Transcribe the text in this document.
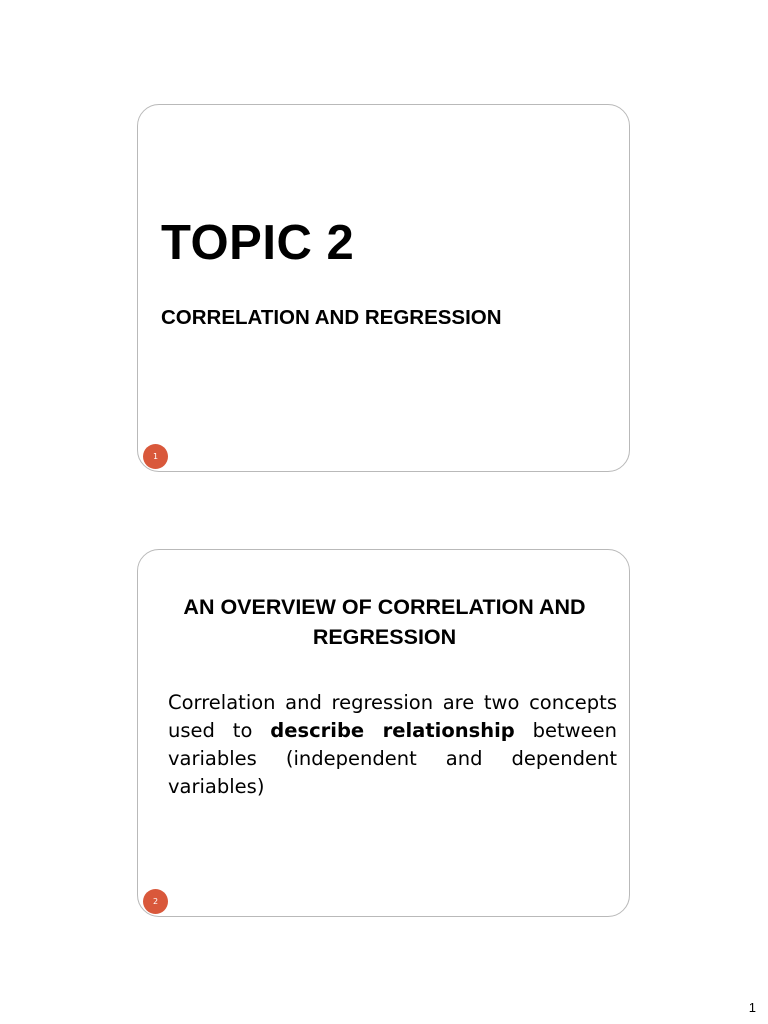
TOPIC 2
CORRELATION AND REGRESSION
1
AN OVERVIEW OF CORRELATION AND REGRESSION

Correlation and regression are two concepts used to describe relationship between variables (independent and dependent variables)

2
1
